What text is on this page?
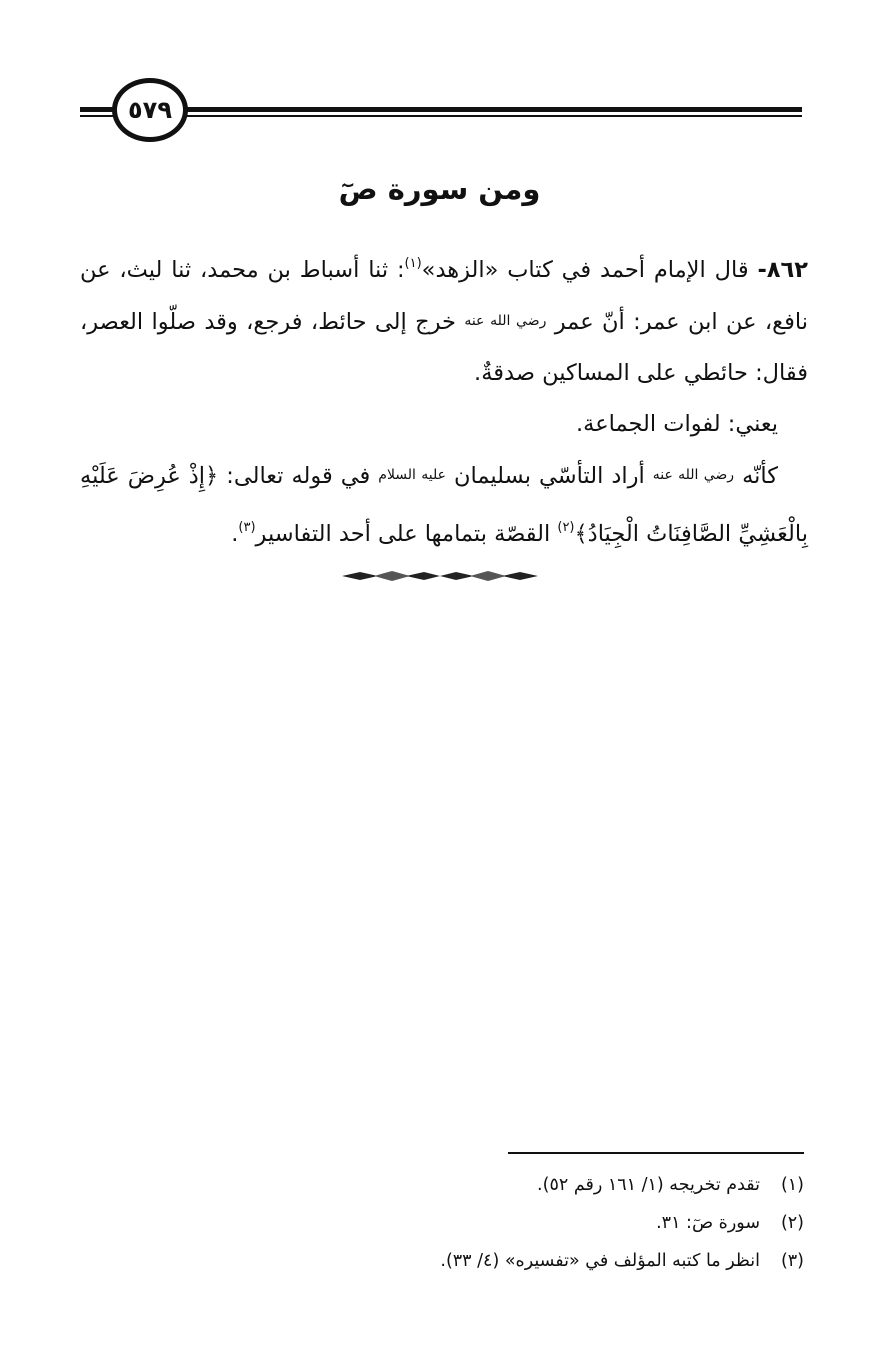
٥٧٩
ومن سورة صٓ

٨٦٢- قال الإمام أحمد في كتاب «الزهد»$^{(١)}$: ثنا أسباط بن محمد، ثنا ليث، عن نافع، عن ابن عمر: أنّ عمر رضي الله عنه خرج إلى حائط، فرجع، وقد صلّوا العصر، فقال: حائطي على المساكين صدقةٌ.

يعني: لفوات الجماعة.

كأنّه رضي الله عنه أراد التأسّي بسليمان عليه السلام في قوله تعالى: ﴿إِذْ عُرِضَ عَلَيْهِ بِالْعَشِيِّ الصَّافِنَاتُ الْجِيَادُ﴾$^{(٢)}$ القصّة بتمامها على أحد التفاسير$^{(٣)}$.

(١)
تقدم تخريجه (١/ ١٦١ رقم ٥٢).
(٢)
سورة صٓ: ٣١.
(٣)
انظر ما كتبه المؤلف في «تفسيره» (٤/ ٣٣).
